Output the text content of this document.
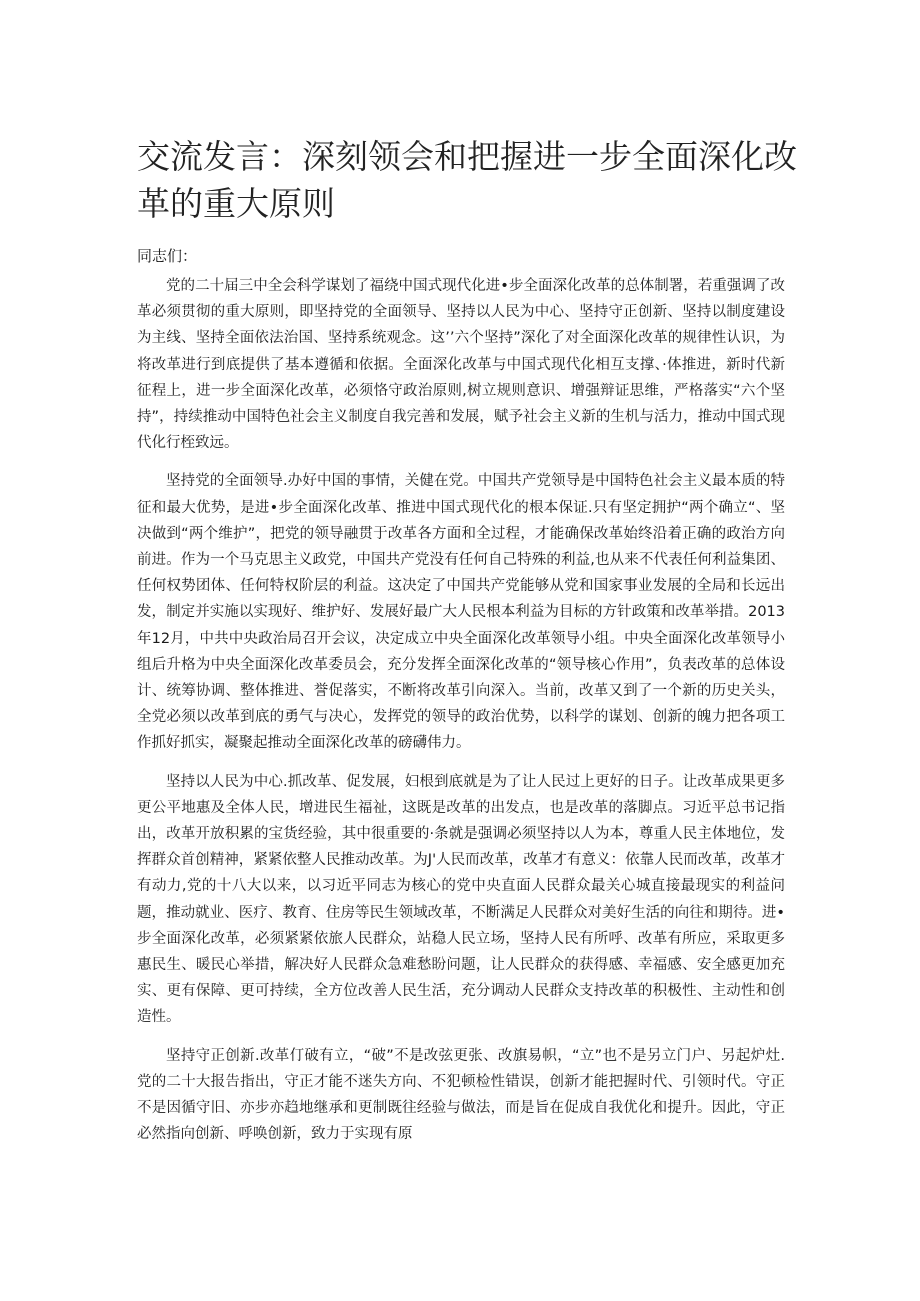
交流发言：深刻领会和把握进一步全面深化改革的重大原则

同志们：

党的二十届三中全会科学谋划了福绕中国式现代化进•步全面深化改革的总体制署，若重强调了改革必须贯彻的重大原则，即坚持党的全面领导、坚持以人民为中心、坚持守正创新、坚持以制度建设为主线、坚持全面依法治国、坚持系统观念。这’’六个坚持”深化了对全面深化改革的规律性认识，为将改革进行到底提供了基本遵循和依据。全面深化改革与中国式现代化相互支撑、·体推进，新时代新征程上，进一步全面深化改革，必须恪守政治原则,树立规则意识、增强辩证思维，严格落实“六个坚持”，持续推动中国特色社会主义制度自我完善和发展，赋予社会主义新的生机与活力，推动中国式现代化行桎致远。

坚持党的全面领导.办好中国的事情，关健在党。中国共产党领导是中国特色社会主义最本质的特征和最大优势，是进•步全面深化改革、推进中国式现代化的根本保证.只有坚定拥护“两个确立“、坚决做到“两个维护”，把党的领导融贯于改革各方面和全过程，才能确保改革始终沿着正确的政治方向前进。作为一个马克思主义政党，中国共产党没有任何自己特殊的利益,也从来不代表任何利益集团、任何权势团体、任何特权阶层的利益。这决定了中国共产党能够从党和国家事业发展的全局和长远出发，制定并实施以实现好、维护好、发展好最广大人民根本利益为目标的方针政策和改革举措。2013年12月，中共中央政治局召开会议，决定成立中央全面深化改革领导小组。中央全面深化改革领导小组后升格为中央全面深化改革委员会，充分发挥全面深化改革的“领导核心作用”，负表改革的总体设计、统筹协调、整体推进、誉促落实，不断将改革引向深入。当前，改革又到了一个新的历史关头，全党必须以改革到底的勇气与决心，发挥党的领导的政治优势，以科学的谋划、创新的魄力把各项工作抓好抓实，凝聚起推动全面深化改革的磅礴伟力。

坚持以人民为中心.抓改革、促发展，妇根到底就是为了让人民过上更好的日子。让改革成果更多更公平地惠及全体人民，增进民生福祉，这既是改革的出发点，也是改革的落脚点。习近平总书记指出，改革开放积累的宝货经验，其中很重要的·条就是强调必须坚持以人为本，尊重人民主体地位，发挥群众首创精神，紧紧依整人民推动改革。为J'人民而改革，改革才有意义：依靠人民而改革，改革才有动力,党的十八大以来，以习近平同志为核心的党中央直面人民群众最关心城直接最现实的利益问题，推动就业、医疗、教育、住房等民生领域改革，不断满足人民群众对美好生活的向往和期待。进•步全面深化改革，必须紧紧依旅人民群众，站稳人民立场，坚持人民有所呼、改革有所应，采取更多惠民生、暖民心举措，解决好人民群众急难愁盼问题，让人民群众的获得感、幸福感、安全感更加充实、更有保障、更可持续，全方位改善人民生活，充分调动人民群众支持改革的积极性、主动性和创造性。

坚持守正创新.改革仃破有立，“破”不是改弦更张、改旗易帜，“立”也不是另立门户、另起炉灶.党的二十大报告指出，守正才能不迷失方向、不犯顿检性错误，创新才能把握时代、引领时代。守正不是因循守旧、亦步亦趋地继承和更制既往经验与做法，而是旨在促成自我优化和提升。因此，守正必然指向创新、呼唤创新，致力于实现有原
